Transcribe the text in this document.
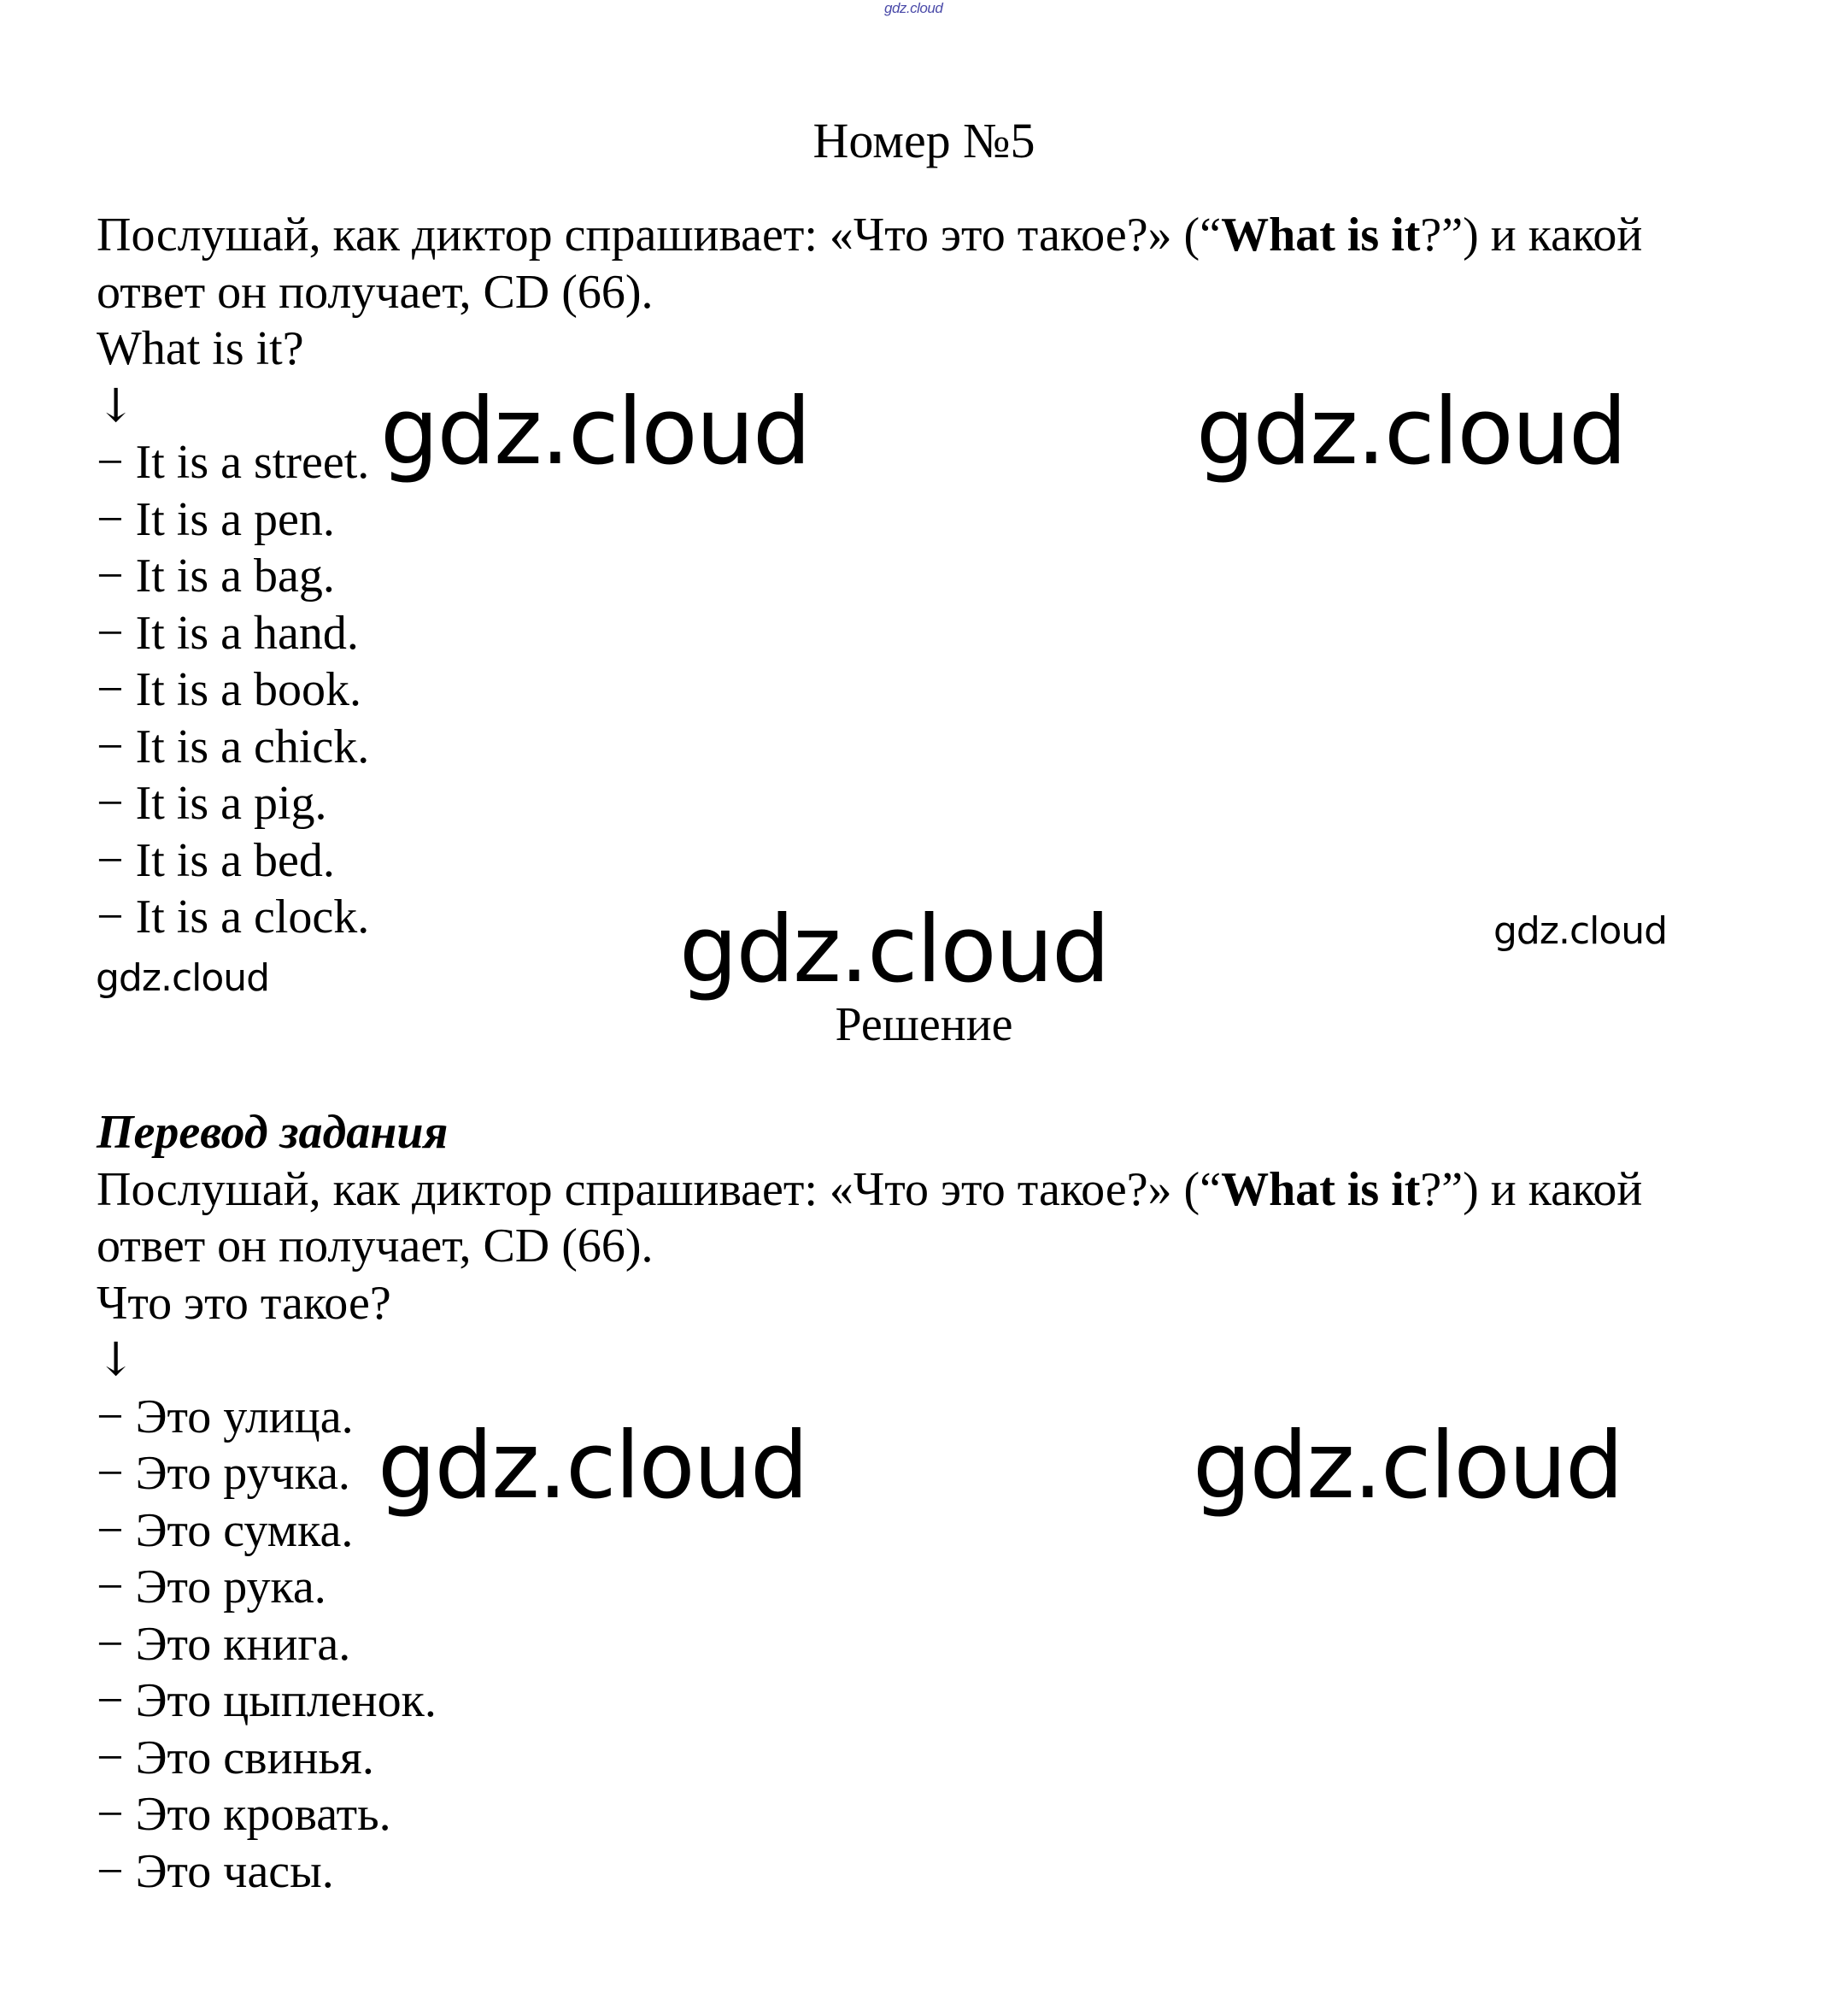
gdz.cloud
Номер №5
Послушай, как диктор спрашивает: «Что это такое?» (“What is it?”) и какой
ответ он получает, CD (66).
What is it?
↓
− It is a street.
− It is a pen.
− It is a bag.
− It is a hand.
− It is a book.
− It is a chick.
− It is a pig.
− It is a bed.
− It is a clock.
Решение
Перевод задания
Послушай, как диктор спрашивает: «Что это такое?» (“What is it?”) и какой
ответ он получает, CD (66).
Что это такое?
↓
− Это улица.
− Это ручка.
− Это сумка.
− Это рука.
− Это книга.
− Это цыпленок.
− Это свинья.
− Это кровать.
− Это часы.
gdz.cloud	gdz.cloud
gdz.cloud	gdz.cloud
gdz.cloud
gdz.cloud	gdz.cloud
